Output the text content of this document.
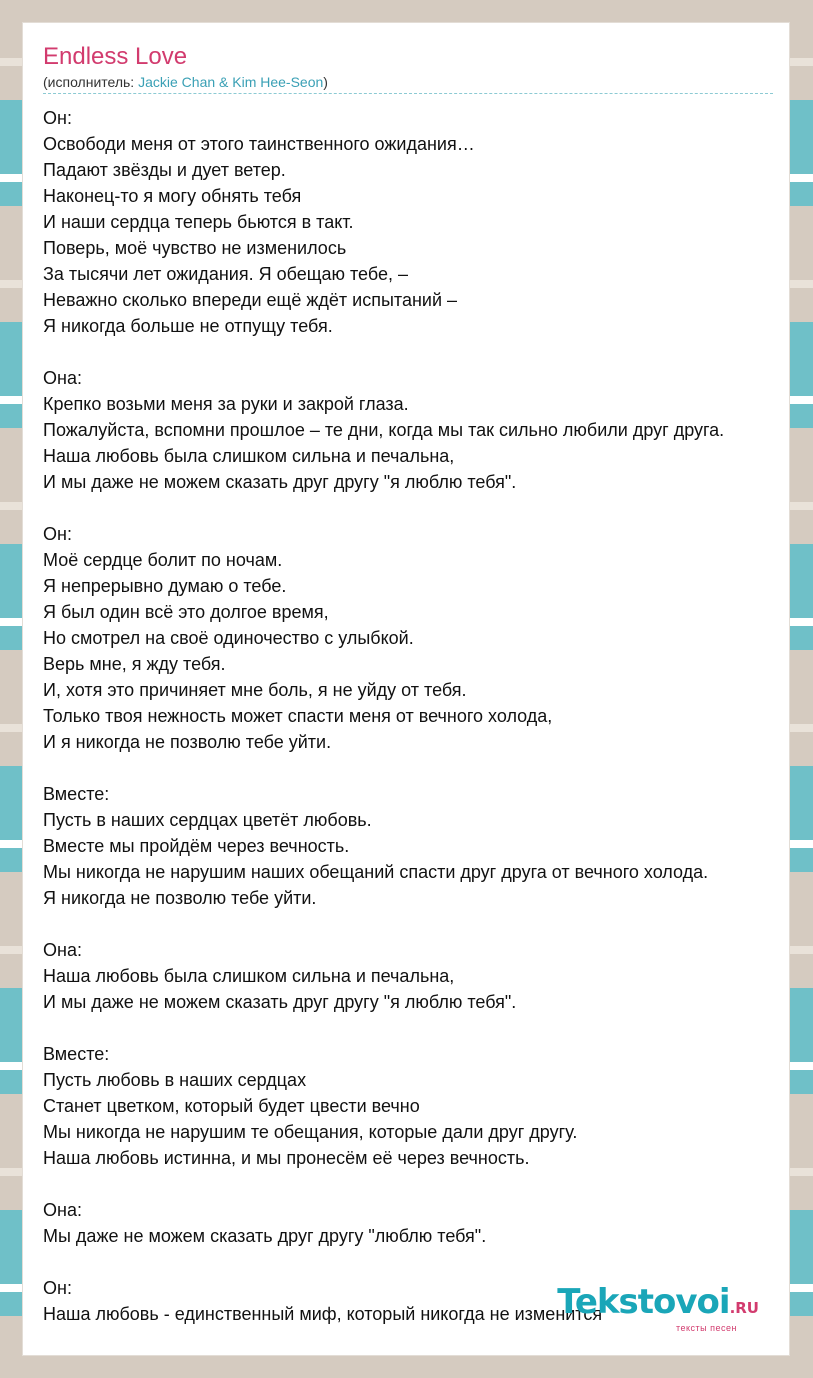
Endless Love
(исполнитель: Jackie Chan & Kim Hee-Seon)
Он:
Освободи меня от этого таинственного ожидания…
Падают звёзды и дует ветер.
Наконец-то я могу обнять тебя
И наши сердца теперь бьются в такт.
Поверь, моё чувство не изменилось
За тысячи лет ожидания. Я обещаю тебе, –
Неважно сколько впереди ещё ждёт испытаний –
Я никогда больше не отпущу тебя.

Она:
Крепко возьми меня за руки и закрой глаза.
Пожалуйста, вспомни прошлое – те дни, когда мы так сильно любили друг друга.
Наша любовь была слишком сильна и печальна,
И мы даже не можем сказать друг другу "я люблю тебя".

Он:
Моё сердце болит по ночам.
Я непрерывно думаю о тебе.
Я был один всё это долгое время,
Но смотрел на своё одиночество с улыбкой.
Верь мне, я жду тебя.
И, хотя это причиняет мне боль, я не уйду от тебя.
Только твоя нежность может спасти меня от вечного холода,
И я никогда не позволю тебе уйти.

Вместе:
Пусть в наших сердцах цветёт любовь.
Вместе мы пройдём через вечность.
Мы никогда не нарушим наших обещаний спасти друг друга от вечного холода.
Я никогда не позволю тебе уйти.

Она:
Наша любовь была слишком сильна и печальна,
И мы даже не можем сказать друг другу "я люблю тебя".

Вместе:
Пусть любовь в наших сердцах
Станет цветком, который будет цвести вечно
Мы никогда не нарушим те обещания, которые дали друг другу.
Наша любовь истинна, и мы пронесём её через вечность.

Она:
Мы даже не можем сказать друг другу "люблю тебя".

Он:
Наша любовь - единственный миф, который никогда не изменится
Tekstovoi.RU
тексты песен
